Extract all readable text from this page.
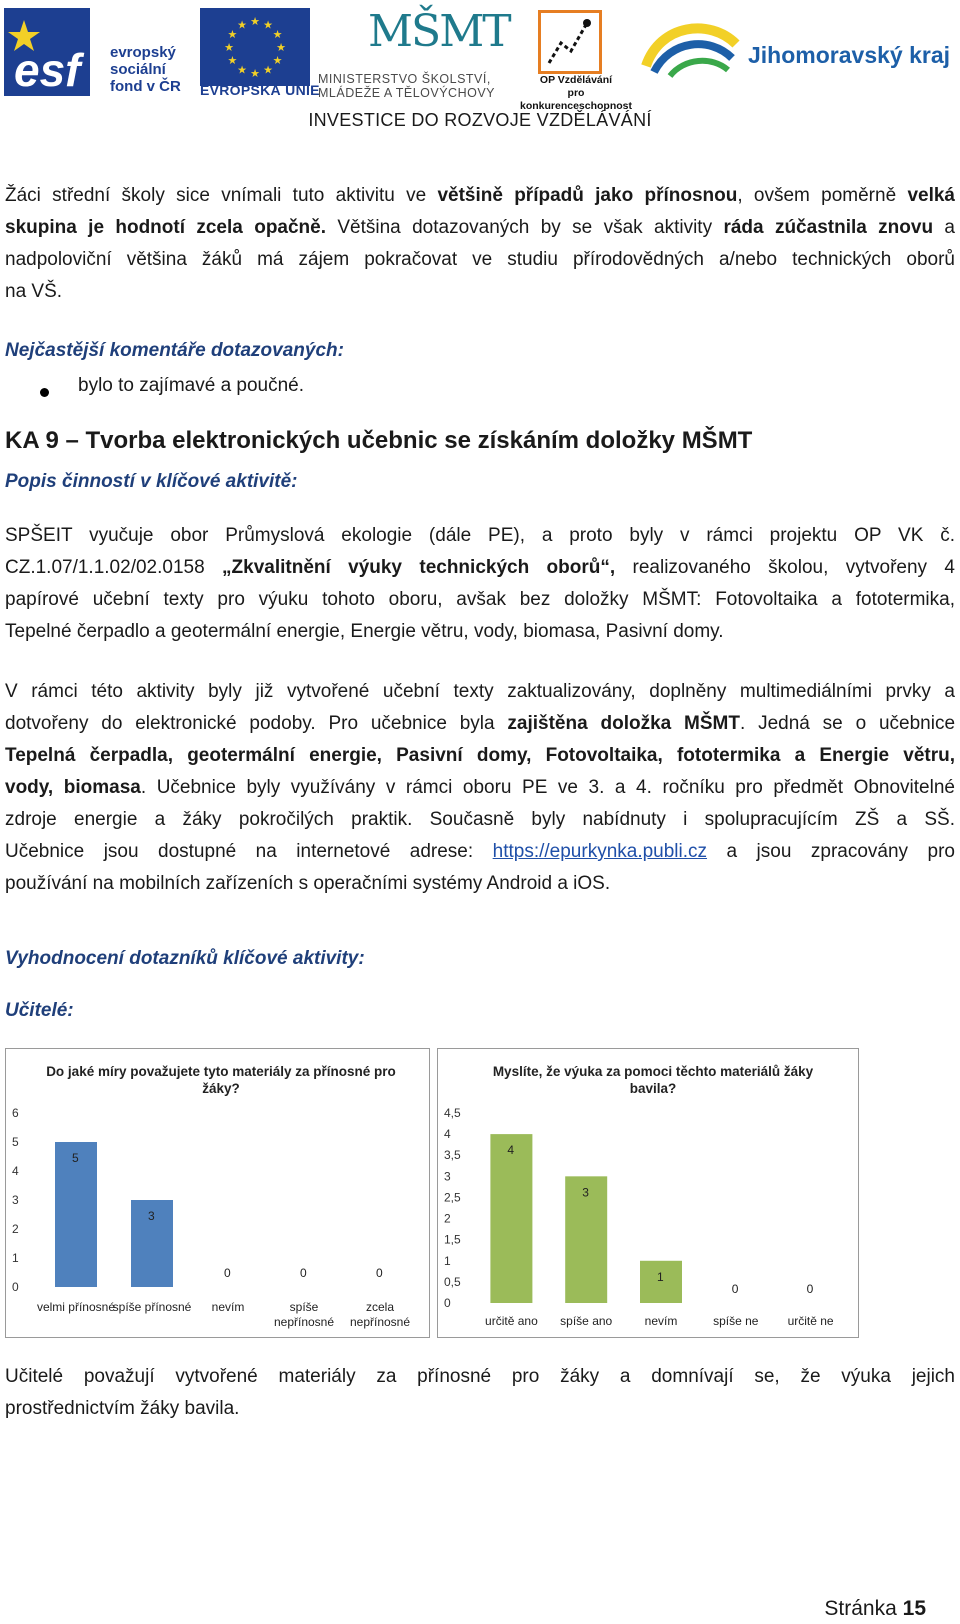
esf	evropský
sociální
fond v ČR
★
★
★
★
★
★
★
★
★ ★ ★
★
EVROPSKÁ UNIE
MŠMT
MINISTERSTVO ŠKOLSTVÍ,
MLÁDEŽE A TĚLOVÝCHOVY
OP Vzdělávání
pro konkurenceschopnost
Jihomoravský kraj
INVESTICE DO ROZVOJE VZDĚLÁVÁNÍ
Žáci střední školy sice vnímali tuto aktivitu ve většině případů jako přínosnou, ovšem poměrně velká
skupina je hodnotí zcela opačně. Většina dotazovaných by se však aktivity ráda zúčastnila znovu a
nadpoloviční většina žáků má zájem pokračovat ve studiu přírodovědných a/nebo technických oborů
na VŠ.
Nejčastější komentáře dotazovaných:
bylo to zajímavé a poučné.
KA 9 – Tvorba elektronických učebnic se získáním doložky MŠMT
Popis činností v klíčové aktivitě:
SPŠEIT vyučuje obor Průmyslová ekologie (dále PE), a proto byly v rámci projektu OP VK č.
CZ.1.07/1.1.02/02.0158 „Zkvalitnění výuky technických oborů“, realizovaného školou, vytvořeny 4
papírové učební texty pro výuku tohoto oboru, avšak bez doložky MŠMT: Fotovoltaika a fototermika,
Tepelné čerpadlo a geotermální energie, Energie větru, vody, biomasa, Pasivní domy.
V rámci této aktivity byly již vytvořené učební texty zaktualizovány, doplněny multimediálními prvky a
dotvořeny do elektronické podoby. Pro učebnice byla zajištěna doložka MŠMT. Jedná se o učebnice
Tepelná čerpadla, geotermální energie, Pasivní domy, Fotovoltaika, fototermika a Energie větru,
vody, biomasa. Učebnice byly využívány v rámci oboru PE ve 3. a 4. ročníku pro předmět Obnovitelné
zdroje energie a žáky pokročilých praktik. Současně byly nabídnuty i spolupracujícím ZŠ a SŠ.
Učebnice jsou dostupné na internetové adrese: https://epurkynka.publi.cz a jsou zpracovány pro
používání na mobilních zařízeních s operačními systémy Android a iOS.
Vyhodnocení dotazníků klíčové aktivity:
Učitelé:
Do jaké míry považujete tyto materiály za přínosné pro
žáky?
0
1
2
3
4
5
6
5
velmi přínosné
3
spíše přínosné
0
nevím
0
spíše
nepřínosné
0
zcela
nepřínosné
Myslíte, že výuka za pomoci těchto materiálů žáky
bavila?
0
0,5
1
1,5
2
2,5
3
3,5
4
4,5
4
určitě ano
3
spíše ano
1
nevím
0
spíše ne
0
určitě ne
Učitelé považují vytvořené materiály za přínosné pro žáky a domnívají se, že výuka jejich
prostřednictvím žáky bavila.
Stránka 15
